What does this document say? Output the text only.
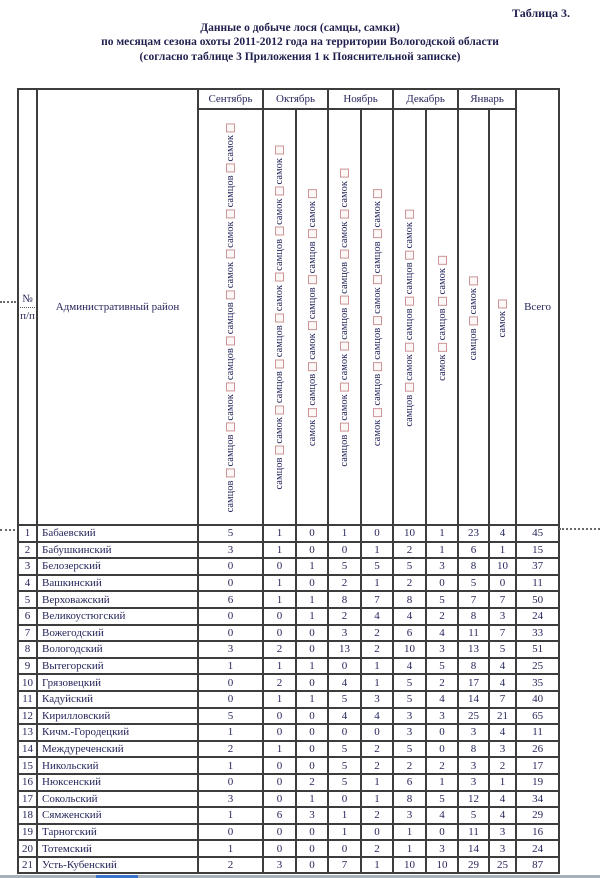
Таблица 3.
Данные о добыче лося (самцы, самки)
по месяцам сезона охоты 2011-2012 года на территории Вологодской области
(согласно таблице 3 Приложения 1 к Пояснительной записке)
№
п/п	Административный район	Сентябрь	Октябрь		Ноябрь		Декабрь		Январь		Всего

		самцовсамцовсамоксамцовсамцовсамоксамоксамцовсамок	самцовсамоксамцовсамцовсамоксамцовсамоксамок	самоксамцовсамоксамцовсамцовсамок	самцовсамоксамоксамцовсамцовсамоксамок	самоксамцовсамцовсамоксамцовсамок	самцовсамоксамцовсамцовсамок	самоксамцовсамок	самцовсамок	самок	

1	Бабаевский	5	1	0	1	0	10	1	23	4	45
2	Бабушкинский	3	1	0	0	1	2	1	6	1	15
3	Белозерский	0	0	1	5	5	5	3	8	10	37
4	Вашкинский	0	1	0	2	1	2	0	5	0	11
5	Верховажский	6	1	1	8	7	8	5	7	7	50
6	Великоустюгский	0	0	1	2	4	4	2	8	3	24
7	Вожегодский	0	0	0	3	2	6	4	11	7	33
8	Вологодский	3	2	0	13	2	10	3	13	5	51
9	Вытегорский	1	1	1	0	1	4	5	8	4	25
10	Грязовецкий	0	2	0	4	1	5	2	17	4	35
11	Кадуйский	0	1	1	5	3	5	4	14	7	40
12	Кирилловский	5	0	0	4	4	3	3	25	21	65
13	Кичм.-Городецкий	1	0	0	0	0	3	0	3	4	11
14	Междуреченский	2	1	0	5	2	5	0	8	3	26
15	Никольский	1	0	0	5	2	2	2	3	2	17
16	Нюксенский	0	0	2	5	1	6	1	3	1	19
17	Сокольский	3	0	1	0	1	8	5	12	4	34
18	Сямженский	1	6	3	1	2	3	4	5	4	29
19	Тарногский	0	0	0	1	0	1	0	11	3	16
20	Тотемский	1	0	0	0	2	1	3	14	3	24
21	Усть-Кубенский	2	3	0	7	1	10	10	29	25	87
